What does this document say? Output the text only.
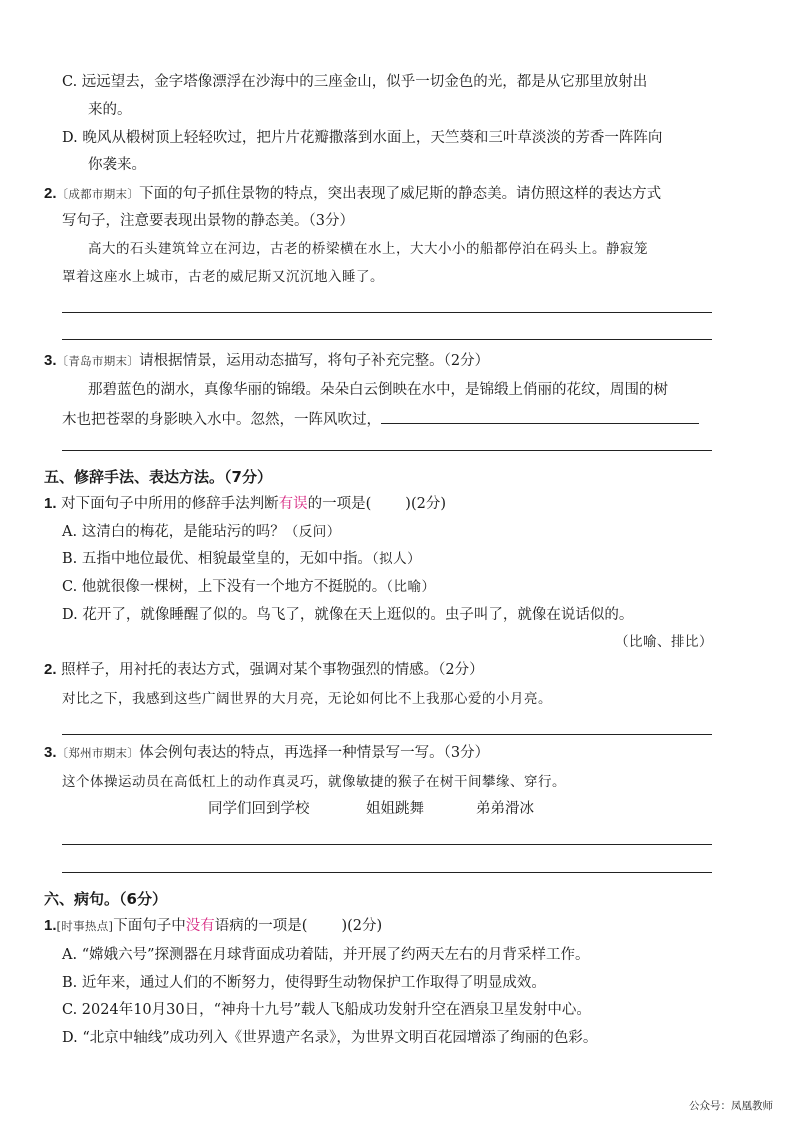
C. 远远望去，金字塔像漂浮在沙海中的三座金山，似乎一切金色的光，都是从它那里放射出
来的。
D. 晚风从椴树顶上轻轻吹过，把片片花瓣撒落到水面上，天竺葵和三叶草淡淡的芳香一阵阵向
你袭来。
2.〔成都市期末〕下面的句子抓住景物的特点，突出表现了威尼斯的静态美。请仿照这样的表达方式
写句子，注意要表现出景物的静态美。（3分）
高大的石头建筑耸立在河边，古老的桥梁横在水上，大大小小的船都停泊在码头上。静寂笼
罩着这座水上城市，古老的威尼斯又沉沉地入睡了。
3.〔青岛市期末〕请根据情景，运用动态描写，将句子补充完整。（2分）
那碧蓝色的湖水，真像华丽的锦缎。朵朵白云倒映在水中，是锦缎上俏丽的花纹，周围的树
木也把苍翠的身影映入水中。忽然，一阵风吹过，
五、修辞手法、表达方法。（7分）
1. 对下面句子中所用的修辞手法判断有误的一项是( )(2分)
A. 这清白的梅花，是能玷污的吗？（反问）
B. 五指中地位最优、相貌最堂皇的，无如中指。（拟人）
C. 他就很像一棵树，上下没有一个地方不挺脱的。（比喻）
D. 花开了，就像睡醒了似的。鸟飞了，就像在天上逛似的。虫子叫了，就像在说话似的。
（比喻、排比）
2. 照样子，用衬托的表达方式，强调对某个事物强烈的情感。（2分）
对比之下，我感到这些广阔世界的大月亮，无论如何比不上我那心爱的小月亮。
3.〔郑州市期末〕体会例句表达的特点，再选择一种情景写一写。（3分）
这个体操运动员在高低杠上的动作真灵巧，就像敏捷的猴子在树干间攀缘、穿行。
同学们回到学校	姐姐跳舞	弟弟滑冰
六、病句。（6分）
1.[时事热点]下面句子中没有语病的一项是( )(2分)
A. “嫦娥六号”探测器在月球背面成功着陆，并开展了约两天左右的月背采样工作。
B. 近年来，通过人们的不断努力，使得野生动物保护工作取得了明显成效。
C. 2024年10月30日，“神舟十九号”载人飞船成功发射升空在酒泉卫星发射中心。
D. “北京中轴线”成功列入《世界遗产名录》，为世界文明百花园增添了绚丽的色彩。
公众号：凤凰教师
